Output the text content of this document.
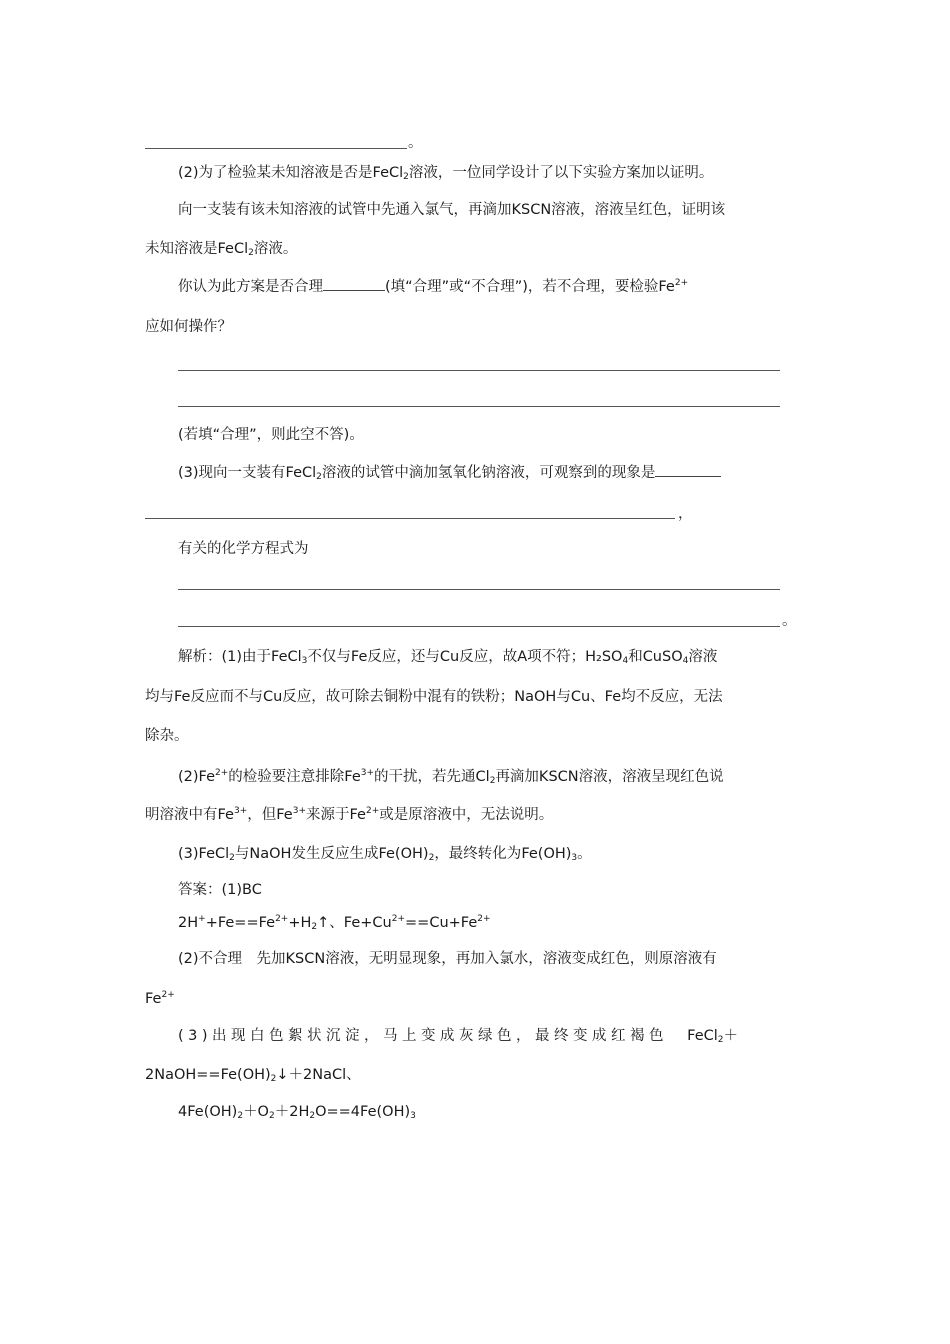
。
(2)为了检验某未知溶液是否是FeCl$_2$溶液，一位同学设计了以下实验方案加以证明。
向一支装有该未知溶液的试管中先通入氯气，再滴加KSCN溶液，溶液呈红色，证明该
未知溶液是FeCl$_2$溶液。
你认为此方案是否合理	(填“合理”或“不合理”)，若不合理，要检验$Fe^{2+}$
应如何操作？
(若填“合理”，则此空不答)。
(3)现向一支装有FeCl$_2$溶液的试管中滴加氢氧化钠溶液，可观察到的现象是
，
有关的化学方程式为
。
解析：(1)由于FeCl$_3$不仅与Fe反应，还与Cu反应，故A项不符；$H_2SO_4$和CuSO$_4$溶液
均与Fe反应而不与Cu反应，故可除去铜粉中混有的铁粉；NaOH与Cu、Fe均不反应，无法
除杂。
$(2)Fe^{2+}$的检验要注意排除$Fe^{3+}$的干扰，若先通$Cl_2$再滴加KSCN溶液，溶液呈现红色说
明溶液中有$Fe^{3+}$，但$Fe^{3+}$来源于$Fe^{2+}$或是原溶液中，无法说明。
(3)FeCl$_2$与NaOH发生反应生成$Fe(OH)_2$，最终转化为$Fe(OH)_3$。
答案：(1)BC
$2H^++Fe==Fe^{2+}+H_2↑$、$Fe+Cu^{2+}==Cu+Fe^{2+}$
(2)不合理　先加KSCN溶液，无明显现象，再加入氯水，溶液变成红色，则原溶液有
$Fe^{2+}$
(3)出现白色絮状沉淀，马上变成灰绿色，最终变成红褐色　 FeCl$_2$＋
$2NaOH==Fe(OH)_2↓+2NaCl$、
$4Fe(OH)_2+O_2+2H_2O==4Fe(OH)_3$
